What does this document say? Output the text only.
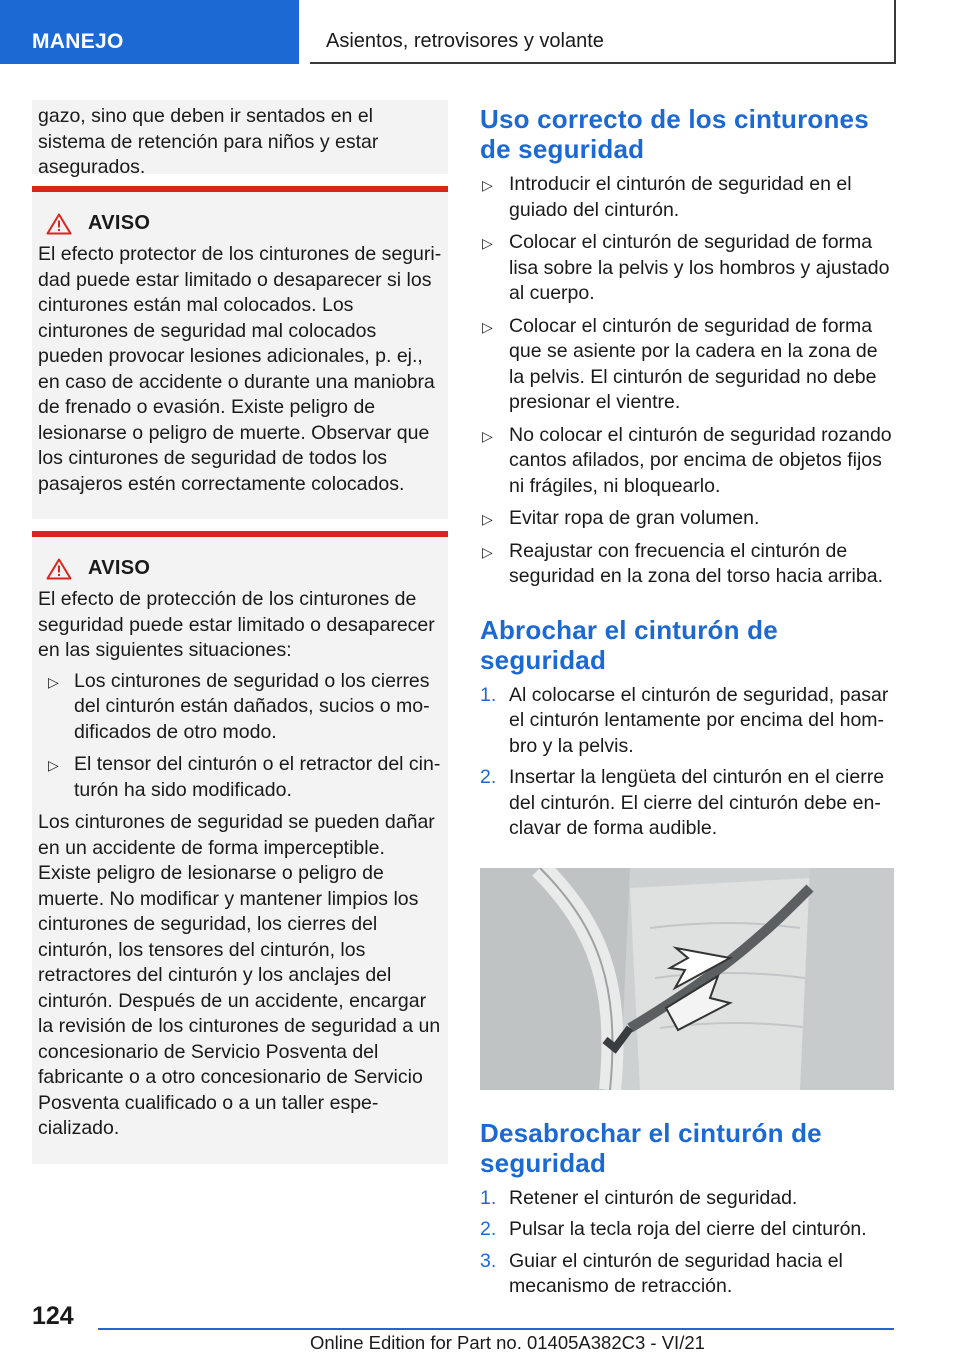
MANEJO	Asientos, retrovisores y volante

gazo, sino que deben ir sentados en el sistema de retención para niños y estar asegurados.

AVISO

El efecto protector de los cinturones de seguridad puede estar limitado o desaparecer si los cinturones están mal colocados. Los cinturones de seguridad mal colocados pueden provocar lesiones adicionales, p. ej., en caso de accidente o durante una maniobra de frenado o evasión. Existe peligro de lesionarse o peligro de muerte. Observar que los cinturones de seguridad de todos los pasajeros estén correctamente colocados.

AVISO

El efecto de protección de los cinturones de seguridad puede estar limitado o desaparecer en las siguientes situaciones:

▷ Los cinturones de seguridad o los cierres del cinturón están dañados, sucios o modificados de otro modo.
▷ El tensor del cinturón o el retractor del cinturón ha sido modificado.

Los cinturones de seguridad se pueden dañar en un accidente de forma imperceptible. Existe peligro de lesionarse o peligro de muerte. No modificar y mantener limpios los cinturones de seguridad, los cierres del cinturón, los tensores del cinturón, los retractores del cinturón y los anclajes del cinturón. Después de un accidente, encargar la revisión de los cinturones de seguridad a un concesionario de Servicio Posventa del fabricante o a otro concesionario de Servicio Posventa cualificado o a un taller especializado.

Uso correcto de los cinturones de seguridad
▷ Introducir el cinturón de seguridad en el guiado del cinturón.
▷ Colocar el cinturón de seguridad de forma lisa sobre la pelvis y los hombros y ajustado al cuerpo.
▷ Colocar el cinturón de seguridad de forma que se asiente por la cadera en la zona de la pelvis. El cinturón de seguridad no debe presionar el vientre.
▷ No colocar el cinturón de seguridad rozando cantos afilados, por encima de objetos fijos ni frágiles, ni bloquearlo.
▷ Evitar ropa de gran volumen.
▷ Reajustar con frecuencia el cinturón de seguridad en la zona del torso hacia arriba.
Abrochar el cinturón de seguridad
1. Al colocarse el cinturón de seguridad, pasar el cinturón lentamente por encima del hombro y la pelvis.
2. Insertar la lengüeta del cinturón en el cierre del cinturón. El cierre del cinturón debe enclavar de forma audible.
Desabrochar el cinturón de seguridad
1. Retener el cinturón de seguridad.
2. Pulsar la tecla roja del cierre del cinturón.
3. Guiar el cinturón de seguridad hacia el mecanismo de retracción.
124
Online Edition for Part no. 01405A382C3 - VI/21
